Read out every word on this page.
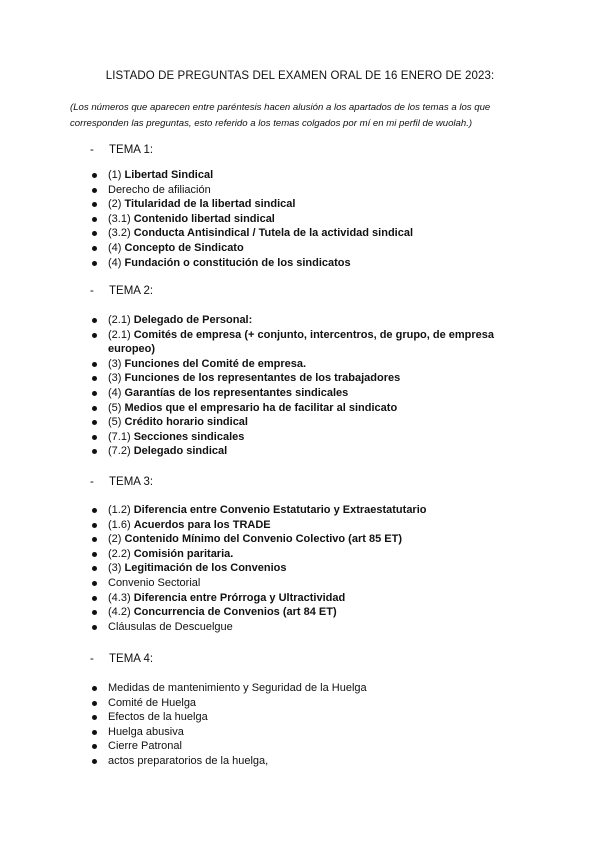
LISTADO DE PREGUNTAS DEL EXAMEN ORAL DE 16 ENERO DE 2023:
(Los números que aparecen entre paréntesis hacen alusión a los apartados de los temas a los que corresponden las preguntas, esto referido a los temas colgados por mí en mi perfil de wuolah.)
- TEMA 1:
(1) Libertad Sindical
Derecho de afiliación
(2) Titularidad de la libertad sindical
(3.1) Contenido libertad sindical
(3.2) Conducta Antisindical / Tutela de la actividad sindical
(4) Concepto de Sindicato
(4) Fundación o constitución de los sindicatos
- TEMA 2:
(2.1) Delegado de Personal:
(2.1) Comités de empresa (+ conjunto, intercentros, de grupo, de empresa europeo)
(3) Funciones del Comité de empresa.
(3) Funciones de los representantes de los trabajadores
(4) Garantías de los representantes sindicales
(5) Medios que el empresario ha de facilitar al sindicato
(5) Crédito horario sindical
(7.1) Secciones sindicales
(7.2) Delegado sindical
- TEMA 3:
(1.2) Diferencia entre Convenio Estatutario y Extraestatutario
(1.6) Acuerdos para los TRADE
(2) Contenido Mínimo del Convenio Colectivo (art 85 ET)
(2.2) Comisión paritaria.
(3) Legitimación de los Convenios
Convenio Sectorial
(4.3) Diferencia entre Prórroga y Ultractividad
(4.2) Concurrencia de Convenios (art 84 ET)
Cláusulas de Descuelgue
- TEMA 4:
Medidas de mantenimiento y Seguridad de la Huelga
Comité de Huelga
Efectos de la huelga
Huelga abusiva
Cierre Patronal
actos preparatorios de la huelga,
